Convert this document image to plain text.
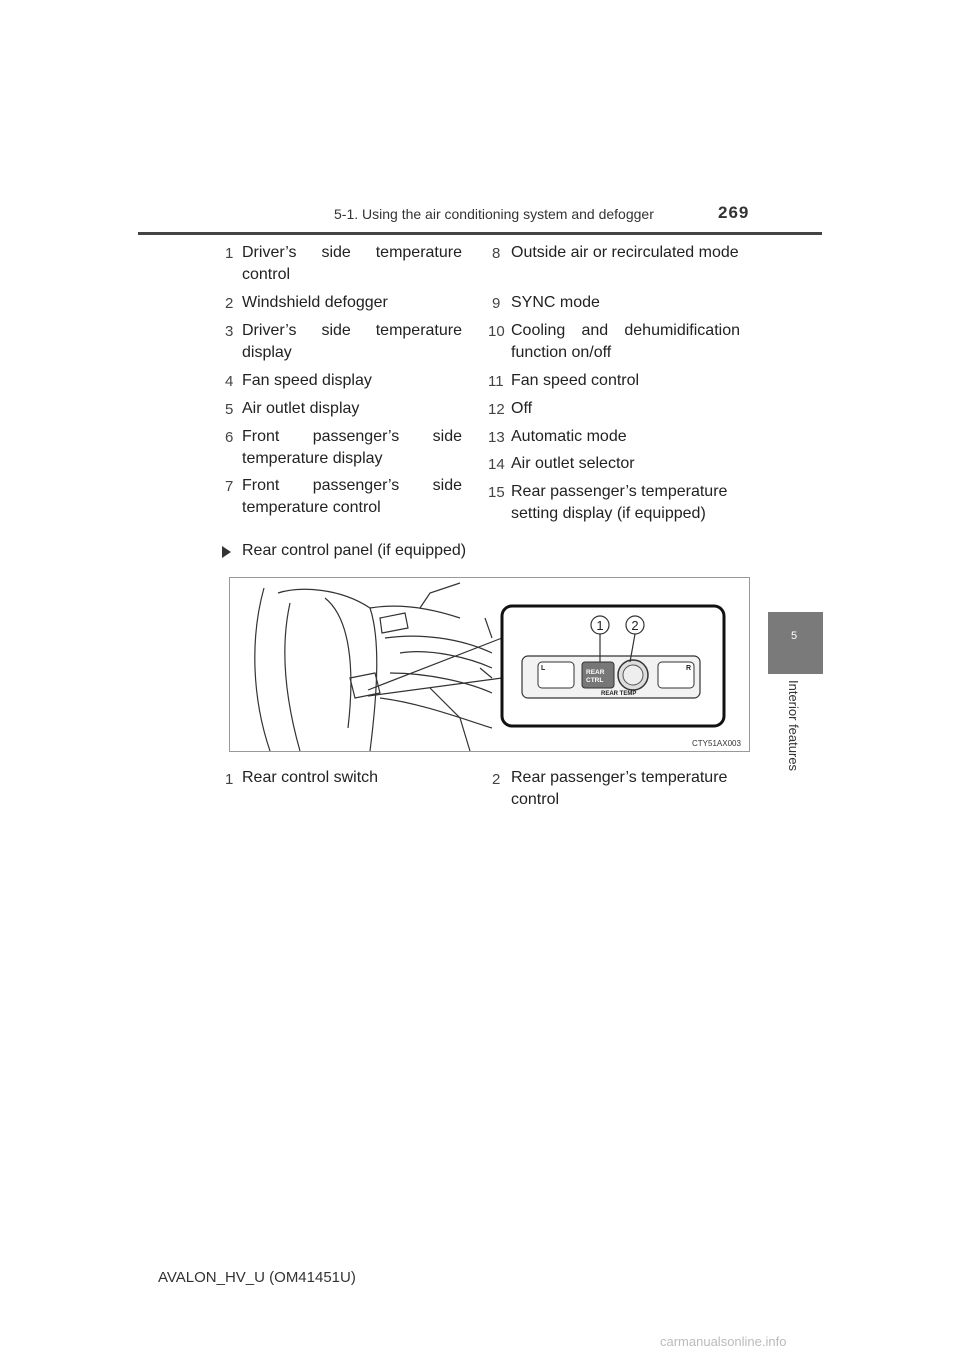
5-1. Using the air conditioning system and defogger	269
5
Interior features
1 Driver’s side temperature control
2 Windshield defogger
3 Driver’s side temperature display
4 Fan speed display
5 Air outlet display
6 Front passenger’s side temperature display
7 Front passenger’s side temperature control
8 Outside air or recirculated mode
9 SYNC mode
10 Cooling and dehumidification function on/off
11 Fan speed control
12 Off
13 Automatic mode
14 Air outlet selector
15 Rear passenger’s temperature setting display (if equipped)
Rear control panel (if equipped)
1 2
L	R
REAR
CTRL
REAR TEMP
CTY51AX003
1 Rear control switch	2 Rear passenger’s temperature control
AVALON_HV_U (OM41451U)
carmanualsonline.info
